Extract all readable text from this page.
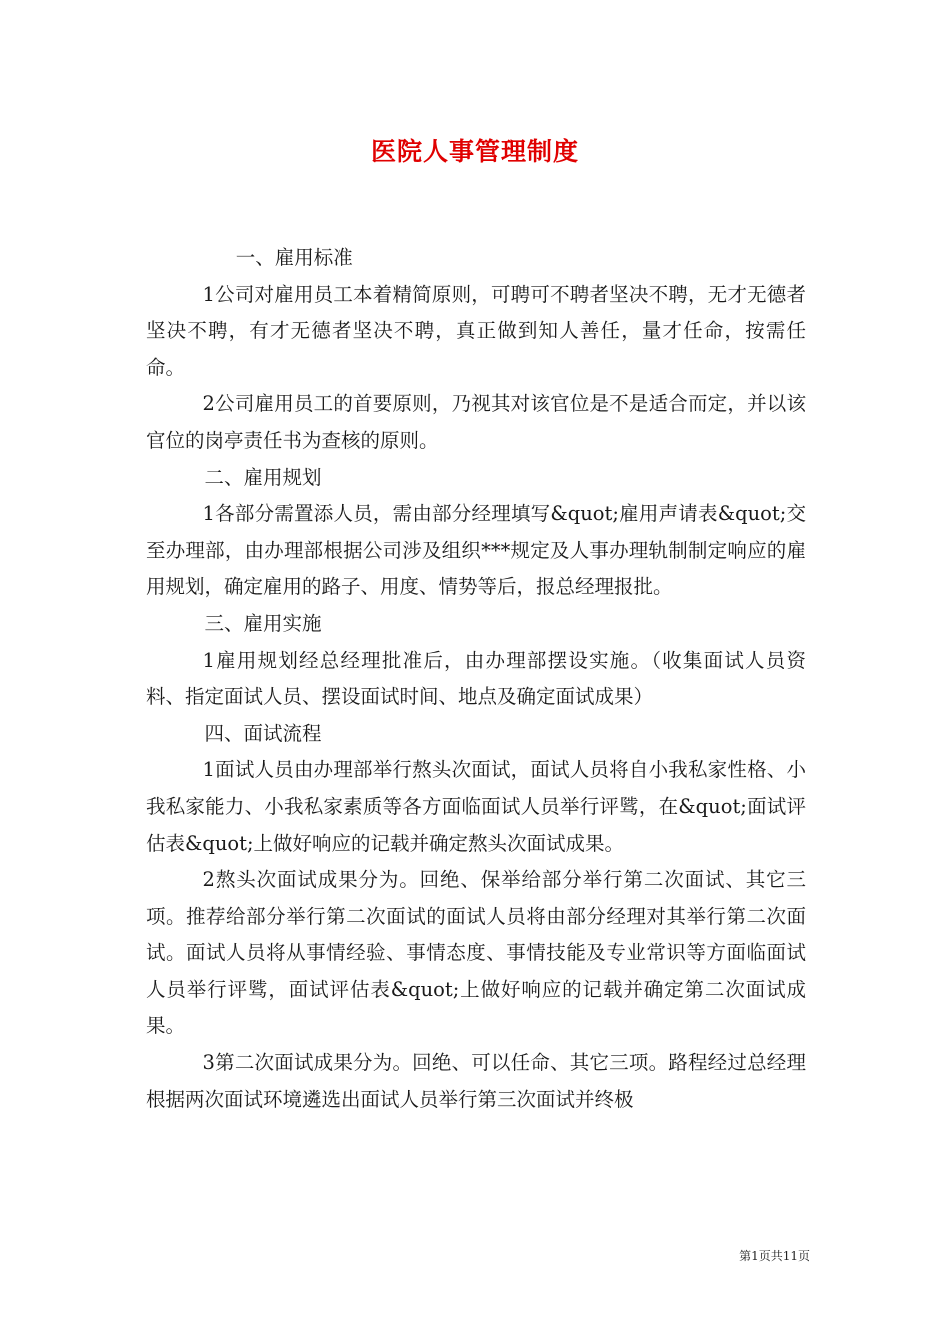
医院人事管理制度

一、雇用标准

1公司对雇用员工本着精简原则，可聘可不聘者坚决不聘，无才无德者坚决不聘，有才无德者坚决不聘，真正做到知人善任，量才任命，按需任命。

2公司雇用员工的首要原则，乃视其对该官位是不是适合而定，并以该官位的岗亭责任书为查核的原则。

二、雇用规划

1各部分需置添人员，需由部分经理填写&quot;雇用声请表&quot;交至办理部，由办理部根据公司涉及组织***规定及人事办理轨制制定响应的雇用规划，确定雇用的路子、用度、情势等后，报总经理报批。

三、雇用实施

1雇用规划经总经理批准后，由办理部摆设实施。（收集面试人员资料、指定面试人员、摆设面试时间、地点及确定面试成果）

四、面试流程

1面试人员由办理部举行熬头次面试，面试人员将自小我私家性格、小我私家能力、小我私家素质等各方面临面试人员举行评骘，在&quot;面试评估表&quot;上做好响应的记载并确定熬头次面试成果。

2熬头次面试成果分为。回绝、保举给部分举行第二次面试、其它三项。推荐给部分举行第二次面试的面试人员将由部分经理对其举行第二次面试。面试人员将从事情经验、事情态度、事情技能及专业常识等方面临面试人员举行评骘，面试评估表&quot;上做好响应的记载并确定第二次面试成果。

3第二次面试成果分为。回绝、可以任命、其它三项。路程经过总经理根据两次面试环境遴选出面试人员举行第三次面试并终极

第1页共11页
